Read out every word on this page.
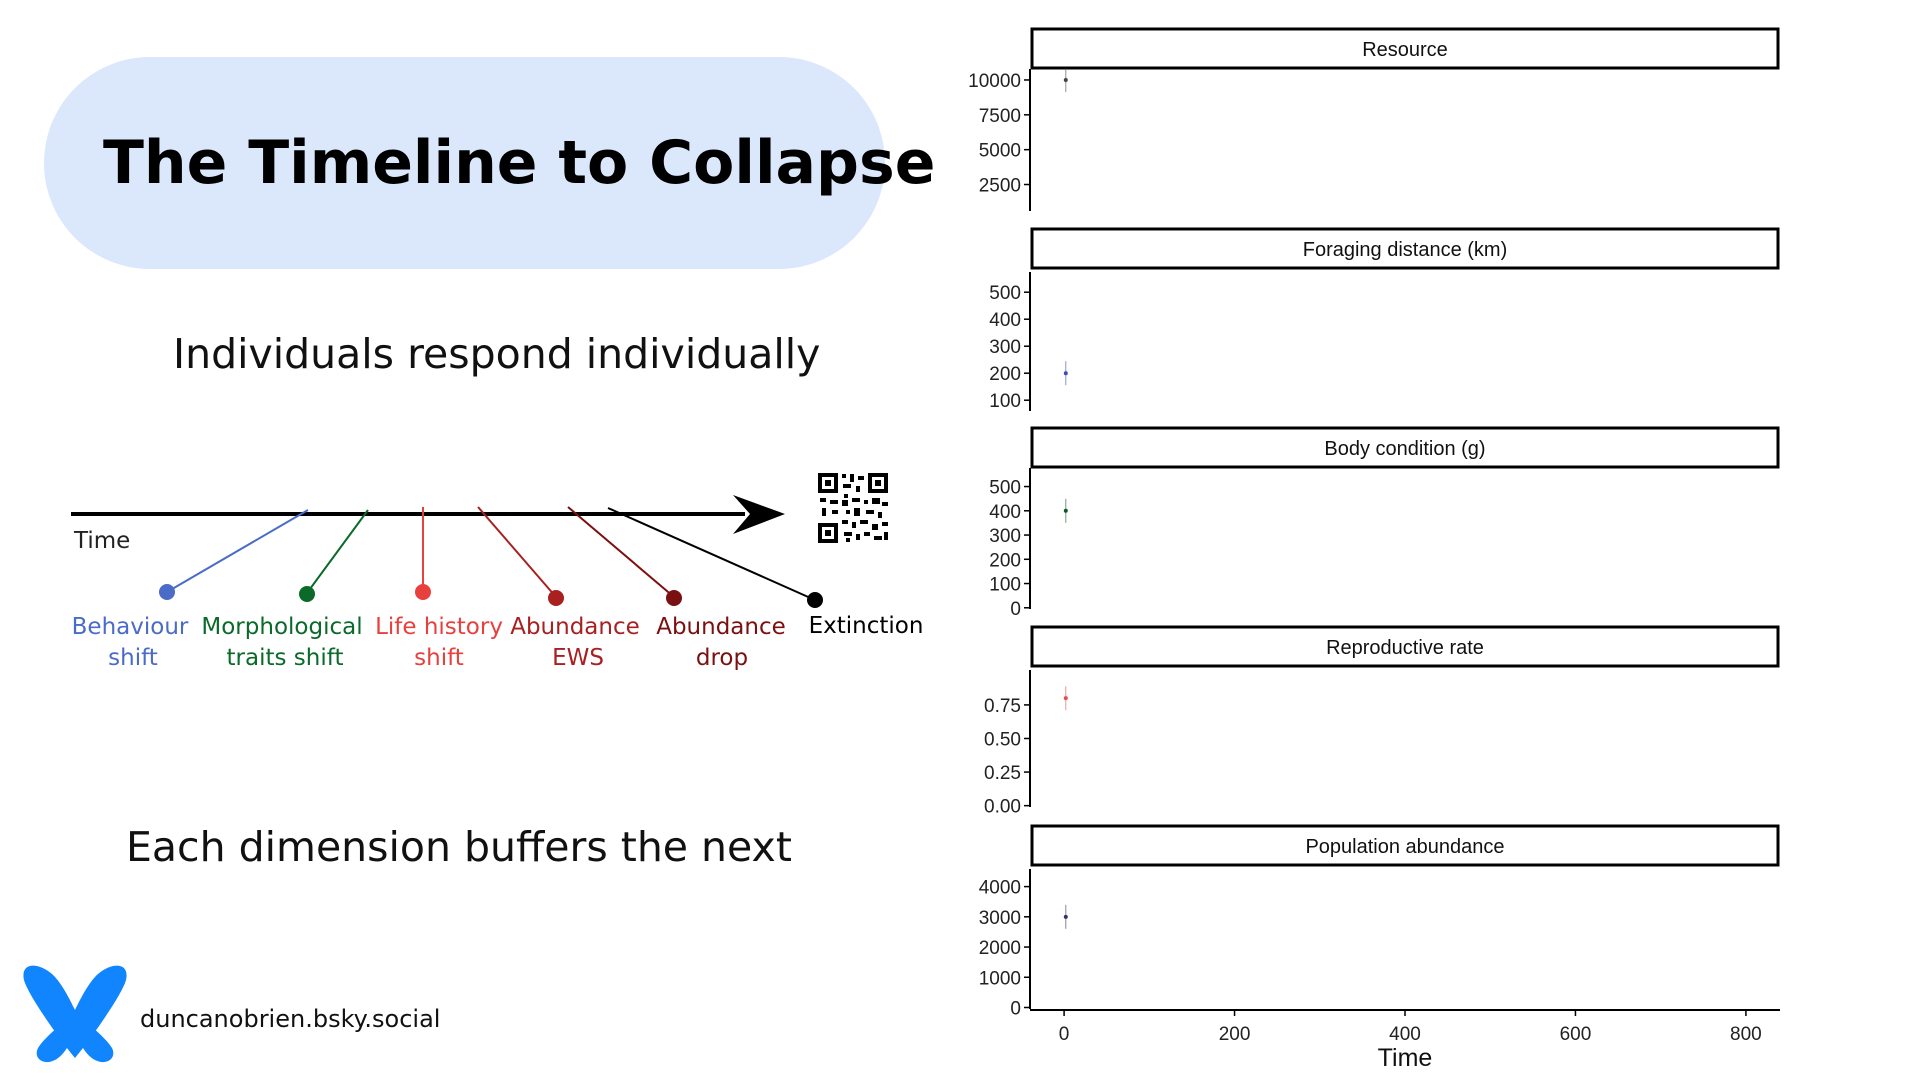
The Timeline to Collapse
Individuals respond individually
Each dimension buffers the next
duncanobrien.bsky.social
Time
Behaviour
shift
Morphological
traits shift
Life history
shift
Abundance
EWS
Abundance
drop
Extinction
Resource
10000
7500
5000
2500
Foraging distance (km)
500
400
300
200
100
Body condition (g)
500
400
300
200
100
0
Reproductive rate
0.75
0.50
0.25
0.00
Population abundance
4000
3000
2000
1000
0
0	200	400	600	800
Time
